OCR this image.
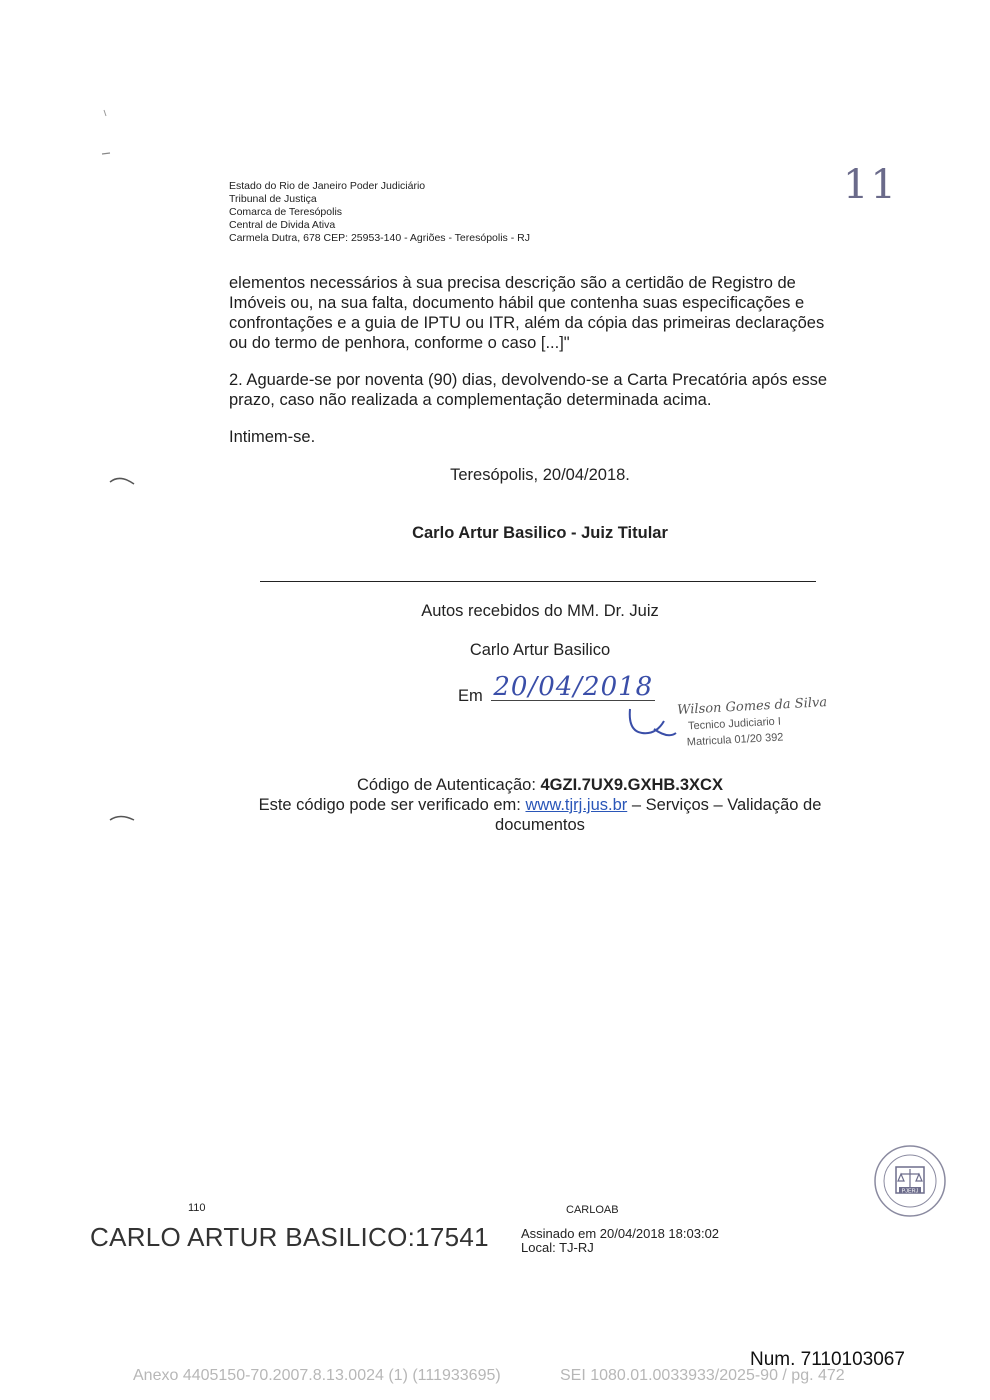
Estado do Rio de Janeiro Poder Judiciário
Tribunal de Justiça
Comarca de Teresópolis
Central de Divida Ativa
Carmela Dutra, 678 CEP: 25953-140 - Agriões - Teresópolis - RJ
11
elementos necessários à sua precisa descrição são a certidão de Registro de Imóveis ou, na sua falta, documento hábil que contenha suas especificações e confrontações e a guia de IPTU ou ITR, além da cópia das primeiras declarações ou do termo de penhora, conforme o caso [...]"
2. Aguarde-se por noventa (90) dias, devolvendo-se a Carta Precatória após esse prazo, caso não realizada a complementação determinada acima.
Intimem-se.
Teresópolis, 20/04/2018.
Carlo Artur Basilico - Juiz Titular
Autos recebidos do MM. Dr. Juiz
Carlo Artur Basilico
Em 20/04/2018
Wilson Gomes da Silva
Tecnico Judiciario I
Matricula 01/20 392
Código de Autenticação: 4GZI.7UX9.GXHB.3XCX
Este código pode ser verificado em: www.tjrj.jus.br – Serviços – Validação de
documentos
PJERJ
110	CARLOAB
CARLO ARTUR BASILICO:17541 Assinado em 20/04/2018 18:03:02
Local: TJ-RJ
Num. 7110103067
Anexo 4405150-70.2007.8.13.0024 (1) (111933695)	SEI 1080.01.0033933/2025-90 / pg. 472
